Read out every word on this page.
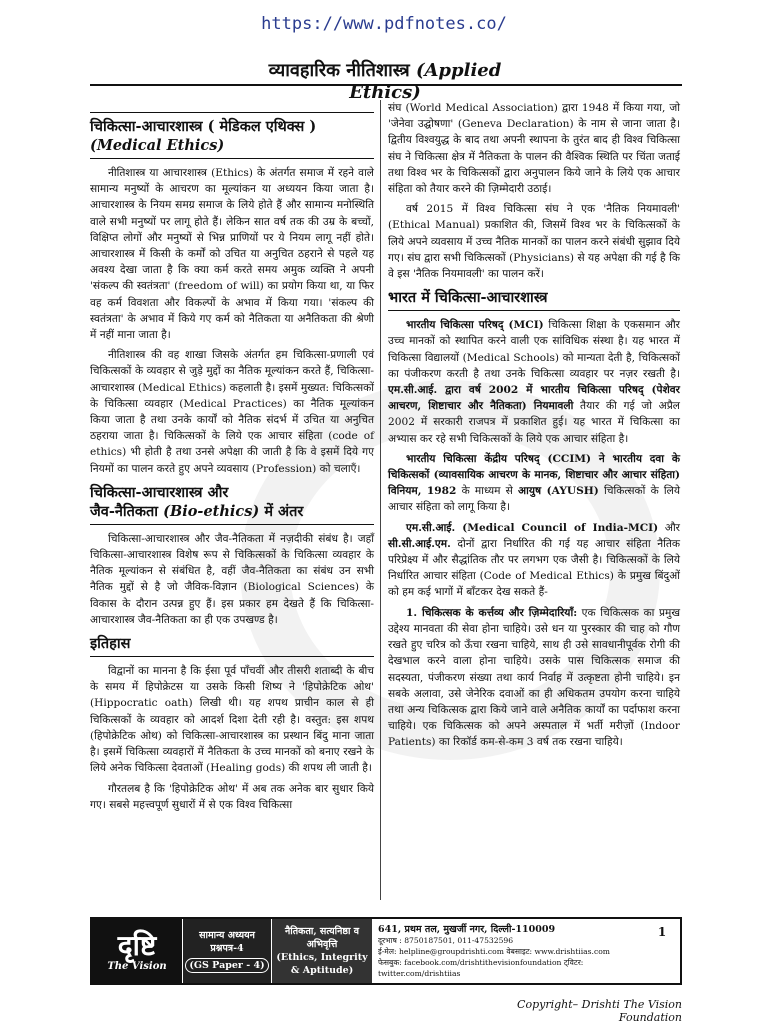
https://www.pdfnotes.co/
व्यावहारिक नीतिशास्त्र (Applied Ethics)
चिकित्सा-आचारशास्त्र ( मेडिकल एथिक्स )
(Medical Ethics)

नीतिशास्त्र या आचारशास्त्र (Ethics) के अंतर्गत समाज में रहने वाले सामान्य मनुष्यों के आचरण का मूल्यांकन या अध्ययन किया जाता है। आचारशास्त्र के नियम समग्र समाज के लिये होते हैं और सामान्य मनोस्थिति वाले सभी मनुष्यों पर लागू होते हैं। लेकिन सात वर्ष तक की उम्र के बच्चों, विक्षिप्त लोगों और मनुष्यों से भिन्न प्राणियों पर ये नियम लागू नहीं होते। आचारशास्त्र में किसी के कर्मों को उचित या अनुचित ठहराने से पहले यह अवश्य देखा जाता है कि क्या कर्म करते समय अमुक व्यक्ति ने अपनी 'संकल्प की स्वतंत्रता' (freedom of will) का प्रयोग किया था, या फिर वह कर्म विवशता और विकल्पों के अभाव में किया गया। 'संकल्प की स्वतंत्रता' के अभाव में किये गए कर्म को नैतिकता या अनैतिकता की श्रेणी में नहीं माना जाता है।

नीतिशास्त्र की वह शाखा जिसके अंतर्गत हम चिकित्सा-प्रणाली एवं चिकित्सकों के व्यवहार से जुड़े मुद्दों का नैतिक मूल्यांकन करते हैं, चिकित्सा-आचारशास्त्र (Medical Ethics) कहलाती है। इसमें मुख्यत: चिकित्सकों के चिकित्सा व्यवहार (Medical Practices) का नैतिक मूल्यांकन किया जाता है तथा उनके कार्यों को नैतिक संदर्भ में उचित या अनुचित ठहराया जाता है। चिकित्सकों के लिये एक आचार संहिता (code of ethics) भी होती है तथा उनसे अपेक्षा की जाती है कि वे इसमें दिये गए नियमों का पालन करते हुए अपने व्यवसाय (Profession) को चलाएँ।

चिकित्सा-आचारशास्त्र और
जैव-नैतिकता (Bio-ethics) में अंतर

चिकित्सा-आचारशास्त्र और जैव-नैतिकता में नज़दीकी संबंध है। जहाँ चिकित्सा-आचारशास्त्र विशेष रूप से चिकित्सकों के चिकित्सा व्यवहार के नैतिक मूल्यांकन से संबंधित है, वहीं जैव-नैतिकता का संबंध उन सभी नैतिक मुद्दों से है जो जैविक-विज्ञान (Biological Sciences) के विकास के दौरान उत्पन्न हुए हैं। इस प्रकार हम देखते हैं कि चिकित्सा-आचारशास्त्र जैव-नैतिकता का ही एक उपखण्ड है।

इतिहास

विद्वानों का मानना है कि ईसा पूर्व पाँचवीं और तीसरी शताब्दी के बीच के समय में हिपोक्रेटस या उसके किसी शिष्य ने 'हिपोक्रेटिक ओथ' (Hippocratic oath) लिखी थी। यह शपथ प्राचीन काल से ही चिकित्सकों के व्यवहार को आदर्श दिशा देती रही है। वस्तुत: इस शपथ (हिपोक्रेटिक ओथ) को चिकित्सा-आचारशास्त्र का प्रस्थान बिंदु माना जाता है। इसमें चिकित्सा व्यवहारों में नैतिकता के उच्च मानकों को बनाए रखने के लिये अनेक चिकित्सा देवताओं (Healing gods) की शपथ ली जाती है।

गौरतलब है कि 'हिपोक्रेटिक ओथ' में अब तक अनेक बार सुधार किये गए। सबसे महत्त्वपूर्ण सुधारों में से एक विश्व चिकित्सा

संघ (World Medical Association) द्वारा 1948 में किया गया, जो 'जेनेवा उद्घोषणा' (Geneva Declaration) के नाम से जाना जाता है। द्वितीय विश्वयुद्ध के बाद तथा अपनी स्थापना के तुरंत बाद ही विश्व चिकित्सा संघ ने चिकित्सा क्षेत्र में नैतिकता के पालन की वैश्विक स्थिति पर चिंता जताई तथा विश्व भर के चिकित्सकों द्वारा अनुपालन किये जाने के लिये एक आचार संहिता को तैयार करने की ज़िम्मेदारी उठाई।

वर्ष 2015 में विश्व चिकित्सा संघ ने एक 'नैतिक नियमावली' (Ethical Manual) प्रकाशित की, जिसमें विश्व भर के चिकित्सकों के लिये अपने व्यवसाय में उच्च नैतिक मानकों का पालन करने संबंधी सुझाव दिये गए। संघ द्वारा सभी चिकित्सकों (Physicians) से यह अपेक्षा की गई है कि वे इस 'नैतिक नियमावली' का पालन करें।

भारत में चिकित्सा-आचारशास्त्र

भारतीय चिकित्सा परिषद् (MCI) चिकित्सा शिक्षा के एकसमान और उच्च मानकों को स्थापित करने वाली एक सांविधिक संस्था है। यह भारत में चिकित्सा विद्यालयों (Medical Schools) को मान्यता देती है, चिकित्सकों का पंजीकरण करती है तथा उनके चिकित्सा व्यवहार पर नज़र रखती है। एम.सी.आई. द्वारा वर्ष 2002 में भारतीय चिकित्सा परिषद् (पेशेवर आचरण, शिष्टाचार और नैतिकता) नियमावली तैयार की गई जो अप्रैल 2002 में सरकारी राजपत्र में प्रकाशित हुई। यह भारत में चिकित्सा का अभ्यास कर रहे सभी चिकित्सकों के लिये एक आचार संहिता है।

भारतीय चिकित्सा केंद्रीय परिषद् (CCIM) ने भारतीय दवा के चिकित्सकों (व्यावसायिक आचरण के मानक, शिष्टाचार और आचार संहिता) विनियम, 1982 के माध्यम से आयुष (AYUSH) चिकित्सकों के लिये आचार संहिता को लागू किया है।

एम.सी.आई. (Medical Council of India-MCI) और सी.सी.आई.एम. दोनों द्वारा निर्धारित की गई यह आचार संहिता नैतिक परिप्रेक्ष्य में और सैद्धांतिक तौर पर लगभग एक जैसी है। चिकित्सकों के लिये निर्धारित आचार संहिता (Code of Medical Ethics) के प्रमुख बिंदुओं को हम कई भागों में बाँटकर देख सकते हैं-

1. चिकित्सक के कर्त्तव्य और ज़िम्मेदारियाँ: एक चिकित्सक का प्रमुख उद्देश्य मानवता की सेवा होना चाहिये। उसे धन या पुरस्कार की चाह को गौण रखते हुए चरित्र को ऊँचा रखना चाहिये, साथ ही उसे सावधानीपूर्वक रोगी की देखभाल करने वाला होना चाहिये। उसके पास चिकित्सक समाज की सदस्यता, पंजीकरण संख्या तथा कार्य निर्वाह में उत्कृष्टता होनी चाहिये। इन सबके अलावा, उसे जेनेरिक दवाओं का ही अधिकतम उपयोग करना चाहिये तथा अन्य चिकित्सक द्वारा किये जाने वाले अनैतिक कार्यों का पर्दाफाश करना चाहिये। एक चिकित्सक को अपने अस्पताल में भर्ती मरीज़ों (Indoor Patients) का रिकॉर्ड कम-से-कम 3 वर्ष तक रखना चाहिये।

दृष्टि
The Vision
सामान्य अध्ययन
प्रश्नपत्र-4
(GS Paper - 4)
नैतिकता, सत्यनिष्ठा व अभिवृत्ति
(Ethics, Integrity & Aptitude)
641, प्रथम तल, मुखर्जी नगर, दिल्ली-110009
दूरभाष : 8750187501, 011-47532596
ई-मेल: helpline@groupdrishti.com वेबसाइट: www.drishtiias.com
फेसबुक: facebook.com/drishtithevisionfoundation ट्विटर: twitter.com/drishtiias
1
Copyright– Drishti The Vision Foundation
